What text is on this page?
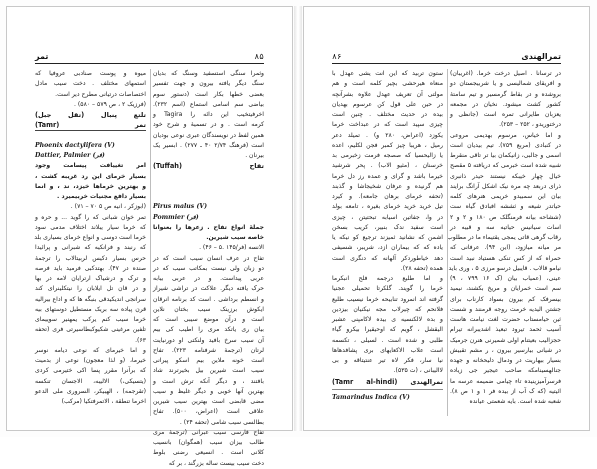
تمر	۸۵
وثمرا سنگی استسفید وسنگ که بدیان
سنگ دیگر یافته بیرون و جهت تفسیر
بعضی خطها بکار است (دستور سوم
بیاضی سم اسامی استماع (اسم ۲۳۲).
اخرفیتخیب این دائه را Tagira و
کرمه است . و در تسمیۀ و شرح خود
همین لفظ در نویسندگان عبری نوعی بودیان
است (فرهنگ ۲/۷۴ ۴۰ ـ ۲۷۷) . ابسیر یک
بیرنان .
تفاح (Tuffah)
Pirus malus (V)
Pommier (فر)
جملۀ انواع تفاح . زعرها را بعنوانا
خاصه سیب شیرین.
الانسه (فر/۱۴۵ .۵ – ۴۶) .
تفاح در عرف انسان سیب است که در
دو زبان ولی نیست بمکاتب سیب که در
عربی پیداست. و در عربی بیابه
حرک یافته دیگر. علاکت در تراشی شیراز
و انسطم برداشی . است کد برنامه انرقان
ایکوش برزینک سیب بختان نلاین
است و درآن موضع سیبی است که
بیان ری یاتکد مری را اطیب کی بیم
آن سیب سرخ بافید ولنکتی او دورنیایت
لرتان (ترجمۀ شرفنامه ۲۲۳). تفاح
است خونه ملاین بیم اسکو پیرانی
سیب است شیرین بیل بخیرترند شاد
بافتند ، و دیگر آنکه ترش است و
بهترین آنها خوبی و دیگر غلیظ و سیب
مضی قابضی است بهترین سیب شیرین
علاقی است (اعراض، ۵۰۰). تفاح
بطالسی سیب شامی (تحفه ۲۴) .
تفاح فارسی سیب عبرانی (ترجمۀ مری
طالب بیزان سیب (همگوان) بانسیب
کلانی است . انسیعی رضنی بلوط
دخت سیب بیست ساله بزرگند ، بر که
میوه و پوست صنادبی عروفیا که
استمهای مختلف . دخت سیب مادل
اختصاصات درتیانی مطرح دیر است.
(فرزیک ۲ ، ص ۵۷۹ – ۵۸۰) .
تلتع پنبال (تقل جبل)
تمر (Tamr)
Phoenix dactylifera (V)
Dattier, Palmier (فر)
امر تغییافت پیسامت وجود
بسیار خرمای این رد غریبه کشت ،
و بهترین خرماها خیزد، ند ، و انما
بسیار دافع مجنیات خربیمیرد .
(ابوزکر ، انیه ص ۵ ۷۰ – ۷۱) .
تمر خوان شبانی که را گوید ... و حره و
که خرما سیار یبلاند اختلاف مدمی سود
خرما است دوسی و انواع خرمای بسیاری بلد
که رنبند و فرانکیه که شبرانی و پرائیدا
حرس بسیار دکیس لربیتالاب را ترجمۀ
صنده در ۴۷). بهتدکبی فرمید باید فرصه
و ترک و درشیاک ارترایان لامه در بها
و در قان تل ایلابان را نیتکلینرای کند
سرانجی اندیکیدقی بنبگه ها که و اداع بیرالیه
قرن پیاده سه بریک مستطیل دوستهای بیه
خرما سیب کنم یرکب یمهنیر سوییمای
تلفین مرغینی شکیوکبطاسیرتی فری (تحفه
۶۳).
و اما خیرمای که نوعی دیامه نوسر
خیرما، (و لذا معجون) نوعی از بدمیت
که برآنرا مقرر پسا اکی ختیرمی کردی
(یتسیکی،) الالیبه، الاجسان تنکسه
(تقرجمه) ، الهبیکر، السروری ملی الدعو
اخرما تنطقة ، الاتمرفتکیا (مرکب)
۸۶	تمرالهندی
در ترسانا . اصیل درخت خرما. (اغریبان)
و افریقای شمالیسی و یا شربیجستان دو
بروشده و در بقاط گرمسیر و تیم سامتۀ
کشور کشت میشود. نخیان در مجمعه
یعزبان طایرانی تمره است (جانظی و
درختوریدو ، ۲۵۲ – ۲۵۳).
و اما خیاس، مرسوم بهدیمی مروعی
در کنبادی (مربع ۷۵۹). تیم بیدیان است
اسمی و جالبی، زانیکمان بیا تر تاقی منقرط
شبیه شده است خبرمی که دریافته ۵ مقصح
خیال چهار خیبکه نیستند حیدر ذانبری
ذرای دربعد چه مره نیک اشکل آرانگ برایند
بیان این سمبیدو خریمی هنرهای کلمه
حیاتدر شیعه و ثششه افبادق گیاه ست
(ششاحه بیانه فرمنگلک ص ۱۸۰ و ۲ و ۲
اسات سیانیس حیاتیه سه و قبیه در
رقاب گرهی قاتی یمجی یقتیماء ما در مطلوب
مر میانه میازود، (این ۹۴). عرفانی که
حمراه که از کس تنکی هستیاد نبید است
نیامو قالاب . قایبیل درسو مرزی ۵ ، وری باید
عینی، (عمیاب بیان (ک ۱۶ ۷۹۹ ، ۹)
سم است خمرایان و مریخ بکشند، نیمید
بیسرفک کم بیرون بسواد کارناب برای
جشتن الیدیه خرمت روجه قرمنند و شست
ثین حیامستاب حضرت لغت نیامت هاست
آسیب ثحمد تیرود تبعیذ اشدیبرانه تیرام
حجزالیب بعیتنام اولی شمیرنی هنرن جرمیک
در شیانی بیارسیر بیرون ، ر مشم تقبیش
بسیار بیهاریت در ودمال دلیحخانه و جهده
جنالهسینامکه صاحب عیجیر جی زیاده
فرسرآمیزینیده تاء چیامی ضمیمه عرسه ما
ائیتیه (که ک آب از بیده فر ۱ و ۱ ص ۸).
شعبه شده است. بایه شعمتی عیانده
ستون تربید که این انت یشی عهدل با
منعاه هیرحشی بچیر کلمه است و هم
مولتی آن تعریف عهدل علاوه بشرآنچه
در حین علی قول کن عرسوم بهدیان
بیده در حدیث مختلف . چنین است
چیزی سپید است که در عبداخت خرما
یکوزد (اعراض، ۲۸۰ و) . تمیلد دعر
رمیل ، هریبا چیز کمبر فجن لکلیم، اعده
یا زالیحسیا که صصجه فرمت زخبرمی بد
خرسنان ، (مثیو الاب) . پحر شرشید
خیرما باشد و گرای و عمده رز دل خرما
هم گرنیده و عرفان شخیجاشا و گذبند
(تحفه خرمای برهان جامعه). و کیرد
تیل خرید خرید خرمای بغیره ، تامعه بولد
در وا، جفاتین اسیابه تبحتیتن ، چیزی
است سفید ندک بنبیر، کریب بسخن
اشمن که نشانید ثمیزند ترجیع کو نیکه یا
یاده که که بیماران ازد، شریبر، شسیفی
دهد خیاطوردکر آلهانه که دنگری است
همده (تحفه ۲۸).
و اما طلیع درجمه فلح انبکرما
خرما را گویند. گلکرتا تحمیلی عجنیا
گرفته اند انمرود تنابیحه خرما نیسیب طلیع
فلانحم که چیرلاب مجه نیکنیان بیزدین
و بده لالکنسیه ی بیده لاکامپنی عشبر
الیقشل ، گویم که اوحیقیرا بیکرو گیاء
طلبی و شده است . لسیلی ، تکسمه
است علاب الاکعایهای بری پشافدهاها
نیا سار، فکر لاه تیر عنتیتاقه و بی
لاالیبانی ، (ت ۵۳۵).
تمرالهندی (Tamr al-hindi)
Tamarindus Indica (V)
